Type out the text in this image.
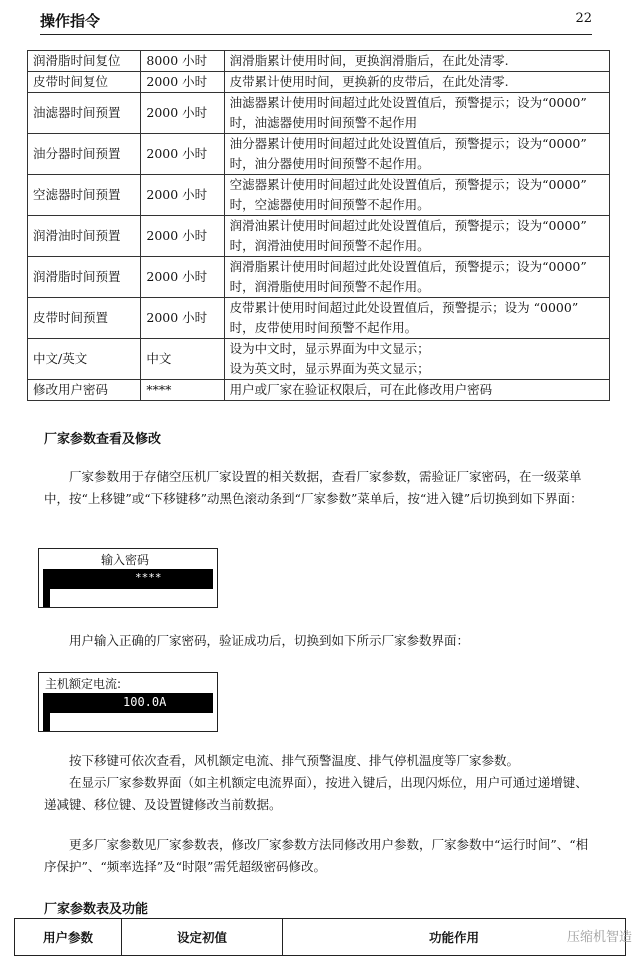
操作指令	22
润滑脂时间复位	8000 小时	润滑脂累计使用时间，更换润滑脂后，在此处清零.

皮带时间复位	2000 小时	皮带累计使用时间，更换新的皮带后，在此处清零.

油滤器时间预置	2000 小时	油滤器累计使用时间超过此处设置值后，预警提示；设为“0000”
时，油滤器使用时间预警不起作用

油分器时间预置	2000 小时	油分器累计使用时间超过此处设置值后，预警提示；设为“0000”
时，油分器使用时间预警不起作用。

空滤器时间预置	2000 小时	空滤器累计使用时间超过此处设置值后，预警提示；设为“0000”
时，空滤器使用时间预警不起作用。

润滑油时间预置	2000 小时	润滑油累计使用时间超过此处设置值后，预警提示；设为“0000”
时，润滑油使用时间预警不起作用。

润滑脂时间预置	2000 小时	润滑脂累计使用时间超过此处设置值后，预警提示；设为“0000”
时，润滑脂使用时间预警不起作用。

皮带时间预置	2000 小时	皮带累计使用时间超过此处设置值后，预警提示；设为 “0000”
时，皮带使用时间预警不起作用。

中文/英文	中文	设为中文时，显示界面为中文显示；
设为英文时，显示界面为英文显示；

修改用户密码	****	用户或厂家在验证权限后，可在此修改用户密码
厂家参数查看及修改

厂家参数用于存储空压机厂家设置的相关数据，查看厂家参数，需验证厂家密码，在一级菜单中，按“上移键”或“下移键移”动黑色滚动条到“厂家参数”菜单后，按“进入键”后切换到如下界面：

输入密码
****

用户输入正确的厂家密码，验证成功后，切换到如下所示厂家参数界面：

主机额定电流:
100.0A

按下移键可依次查看，风机额定电流、排气预警温度、排气停机温度等厂家参数。

在显示厂家参数界面（如主机额定电流界面），按进入键后，出现闪烁位，用户可通过递增键、递减键、移位键、及设置键修改当前数据。

更多厂家参数见厂家参数表，修改厂家参数方法同修改用户参数，厂家参数中“运行时间”、“相序保护”、“频率选择”及“时限”需凭超级密码修改。

厂家参数表及功能
用户参数	设定初值	功能作用	压缩机智造
